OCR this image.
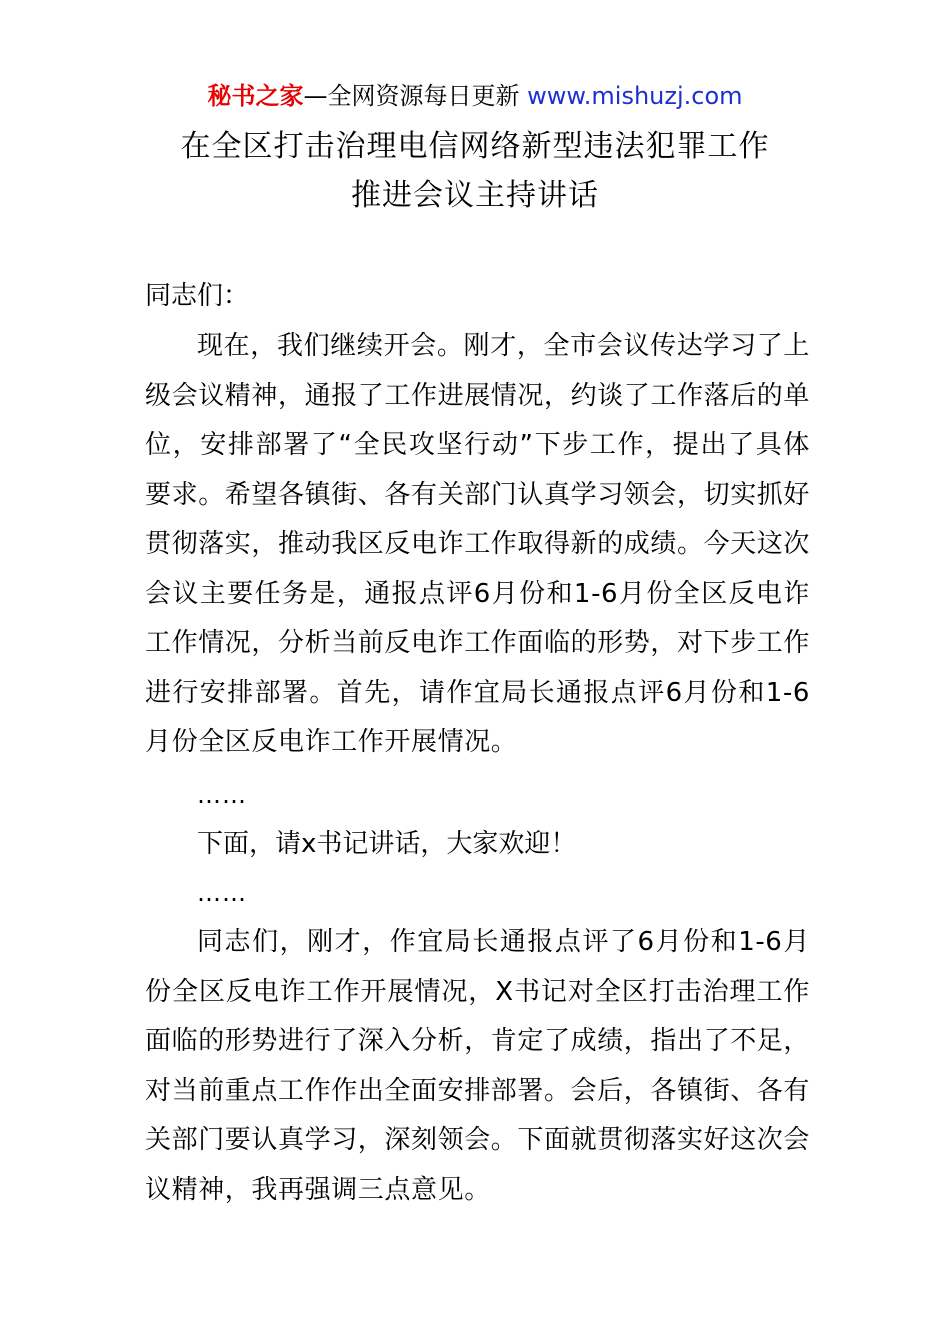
秘书之家—全网资源每日更新 www.mishuzj.com
在全区打击治理电信网络新型违法犯罪工作
推进会议主持讲话
同志们：

现在，我们继续开会。刚才，全市会议传达学习了上级会议精神，通报了工作进展情况，约谈了工作落后的单位，安排部署了“全民攻坚行动”下步工作，提出了具体要求。希望各镇街、各有关部门认真学习领会，切实抓好贯彻落实，推动我区反电诈工作取得新的成绩。今天这次会议主要任务是，通报点评6月份和1-6月份全区反电诈工作情况，分析当前反电诈工作面临的形势，对下步工作进行安排部署。首先，请作宜局长通报点评6月份和1-6月份全区反电诈工作开展情况。

……
下面，请x书记讲话，大家欢迎！
……

同志们，刚才，作宜局长通报点评了6月份和1-6月份全区反电诈工作开展情况，X书记对全区打击治理工作面临的形势进行了深入分析，肯定了成绩，指出了不足，对当前重点工作作出全面安排部署。会后，各镇街、各有关部门要认真学习，深刻领会。下面就贯彻落实好这次会议精神，我再强调三点意见。
